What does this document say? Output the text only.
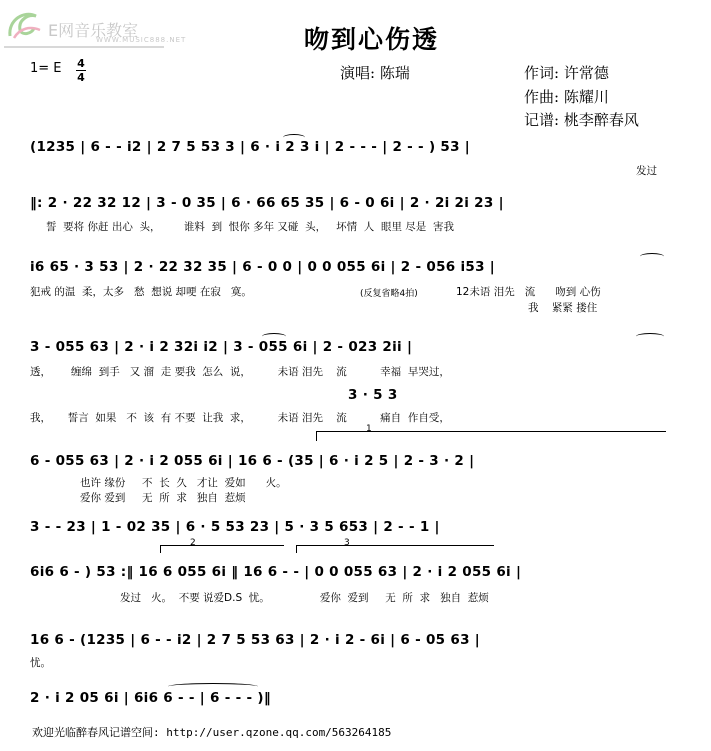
E网音乐教室
WWW.MUSIC888.NET	吻到心伤透
1= E 4
4	演唱: 陈瑞	作词: 许常德
作曲: 陈耀川
记谱: 桃李醉春风
(1235 | 6 - - i2 | 2 7 5 53 3 | 6 · i 2 3 i | 2 - - - | 2 - - ) 53 |
发过
‖: 2 · 22 32 12 | 3 - 0 35 | 6 · 66 65 35 | 6 - 0 6i | 2 · 2i 2i 23 |
誓  要将 你赶 出心  头，       谁料  到  恨你 多年 又碰  头，   坏情  人  眼里 尽是  害我
i6 65 · 3 53 | 2 · 22 32 35 | 6 - 0 0 | 0 0 055 6i | 2 - 056 i53 |
犯戒 的温  柔，太多   愁  想说 却哽 在寂   寞。	(反复省略4拍)	12未语 泪先   流      吻到 心伤
我    紧紧 搂住
3 - 055 63 | 2 · i 2 32i i2 | 3 - 055 6i | 2 - 023 2ii |
透，      缠绵  到手   又 溜  走 要我  怎么  说，        未语 泪先    流          幸福  早哭过，
我，     誓言  如果   不  该  有 不要  让我  求，        未语 泪先    流          痛自  作自受，
3 · 5 3
1
6 - 055 63 | 2 · i 2 055 6i | 16 6 - (35 | 6 · i 2 5 | 2 - 3 · 2 |
也许 缘份     不  长  久   才让  爱如      火。
爱你 爱到     无  所  求   独自  惹烦
3 - - 23 | 1 - 02 35 | 6 · 5 53 23 | 5 · 3 5 653 | 2 - - 1 |
2	3
6i6 6 - ) 53 :‖ 16 6 055 6i ‖ 16 6 - - | 0 0 055 63 | 2 · i 2 055 6i |
发过   火。  不要 说爱D.S  忧。               爱你  爱到     无  所  求   独自  惹烦
16 6 - (1235 | 6 - - i2 | 2 7 5 53 63 | 2 · i 2 - 6i | 6 - 05 63 |
忧。
2 · i 2 05 6i | 6i6 6 - - | 6 - - - )‖
欢迎光临醉春风记谱空间: http://user.qzone.qq.com/563264185
